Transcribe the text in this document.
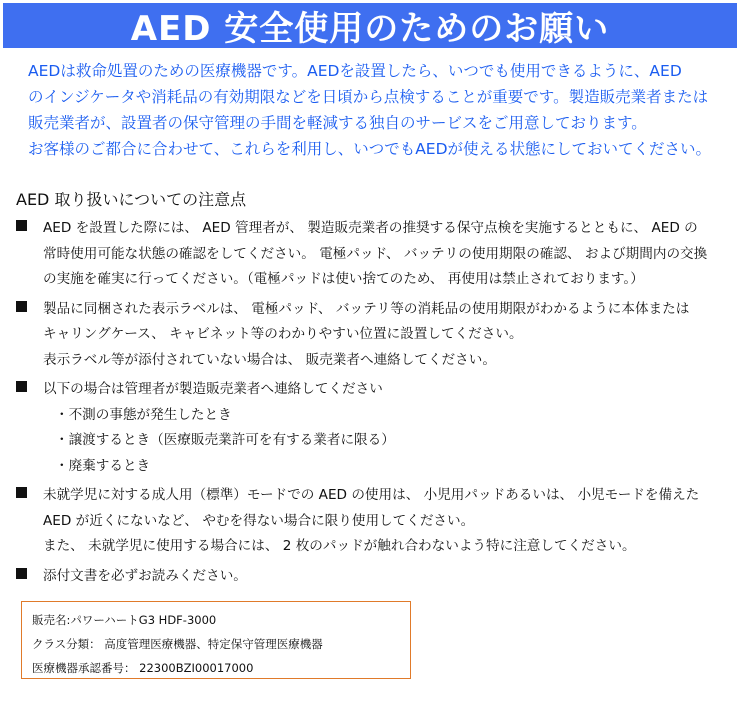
AED 安全使用のためのお願い

AEDは救命処置のための医療機器です。AEDを設置したら、いつでも使用できるように、AED

のインジケータや消耗品の有効期限などを日頃から点検することが重要です。製造販売業者または

販売業者が、設置者の保守管理の手間を軽減する独自のサービスをご用意しております。

お客様のご都合に合わせて、これらを利用し、いつでもAEDが使える状態にしておいてください。

AED 取り扱いについての注意点
AED を設置した際には、 AED 管理者が、 製造販売業者の推奨する保守点検を実施するとともに、 AED の
常時使用可能な状態の確認をしてください。 電極パッド、 バッテリの使用期限の確認、 および期間内の交換
の実施を確実に行ってください。（電極パッドは使い捨てのため、 再使用は禁止されております。）
製品に同梱された表示ラベルは、 電極パッド、 バッテリ等の消耗品の使用期限がわかるように本体または
キャリングケース、 キャビネット等のわかりやすい位置に設置してください。
表示ラベル等が添付されていない場合は、 販売業者へ連絡してください。
以下の場合は管理者が製造販売業者へ連絡してください
・不測の事態が発生したとき
・譲渡するとき（医療販売業許可を有する業者に限る）
・廃棄するとき
未就学児に対する成人用（標準）モードでの AED の使用は、 小児用パッドあるいは、 小児モードを備えた
AED が近くにないなど、 やむを得ない場合に限り使用してください。
また、 未就学児に使用する場合には、 2 枚のパッドが触れ合わないよう特に注意してください。
添付文書を必ずお読みください。
販売名:パワーハートG3 HDF-3000
クラス分類： 高度管理医療機器、特定保守管理医療機器
医療機器承認番号： 22300BZI00017000
